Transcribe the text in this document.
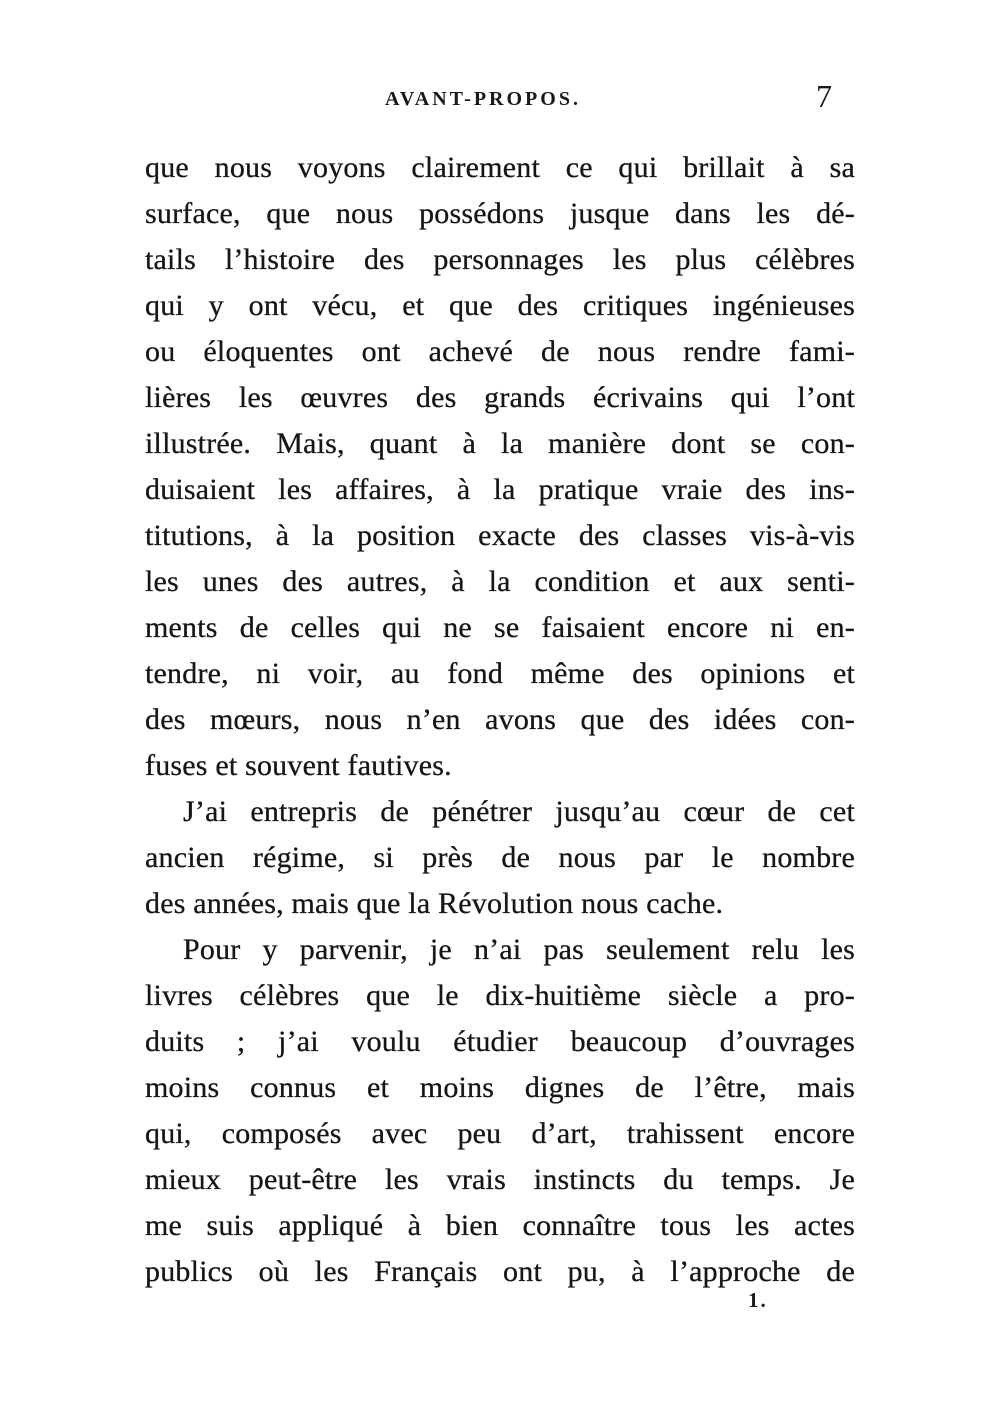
AVANT-PROPOS.	7
que nous voyons clairement ce qui brillait à sa
surface, que nous possédons jusque dans les dé-
tails l’histoire des personnages les plus célèbres
qui y ont vécu, et que des critiques ingénieuses
ou éloquentes ont achevé de nous rendre fami-
lières les œuvres des grands écrivains qui l’ont
illustrée. Mais, quant à la manière dont se con-
duisaient les affaires, à la pratique vraie des ins-
titutions, à la position exacte des classes vis-à-vis
les unes des autres, à la condition et aux senti-
ments de celles qui ne se faisaient encore ni en-
tendre, ni voir, au fond même des opinions et
des mœurs, nous n’en avons que des idées con-
fuses et souvent fautives.
J’ai entrepris de pénétrer jusqu’au cœur de cet
ancien régime, si près de nous par le nombre
des années, mais que la Révolution nous cache.
Pour y parvenir, je n’ai pas seulement relu les
livres célèbres que le dix-huitième siècle a pro-
duits ; j’ai voulu étudier beaucoup d’ouvrages
moins connus et moins dignes de l’être, mais
qui, composés avec peu d’art, trahissent encore
mieux peut-être les vrais instincts du temps. Je
me suis appliqué à bien connaître tous les actes
publics où les Français ont pu, à l’approche de
1.
